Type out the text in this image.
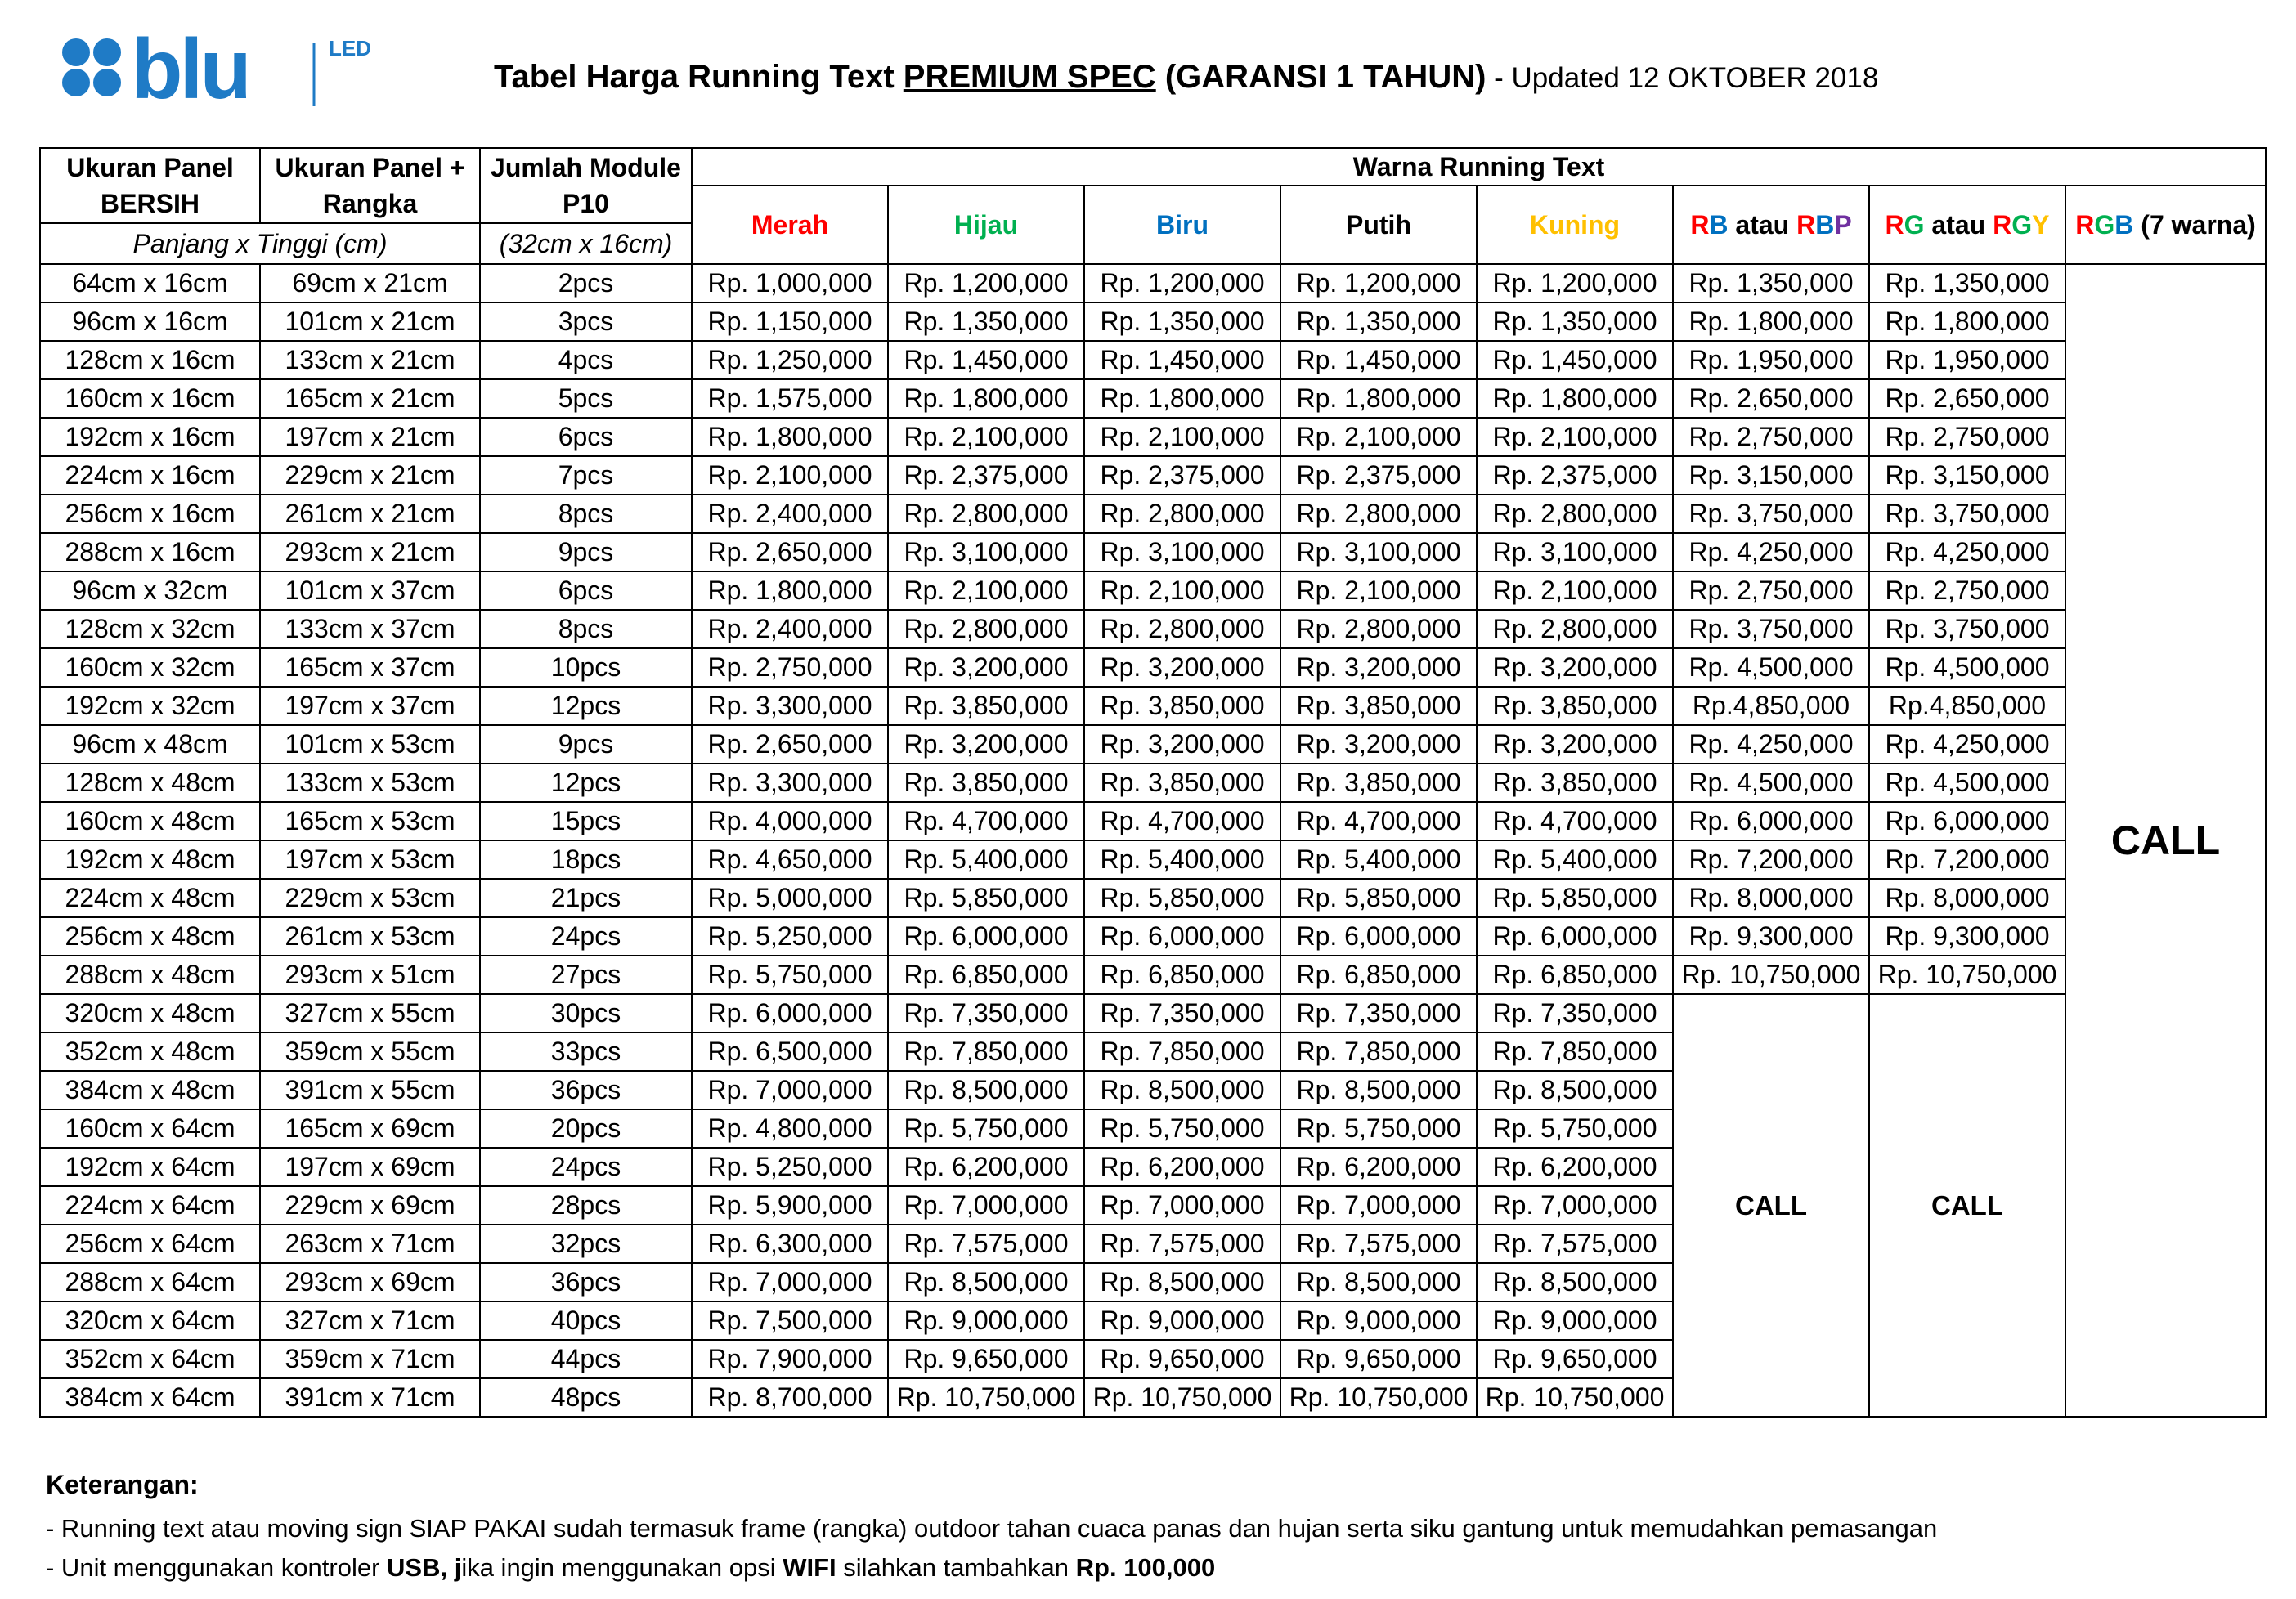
blu	LED
Tabel Harga Running Text PREMIUM SPEC (GARANSI 1 TAHUN) - Updated 12 OKTOBER 2018
Ukuran Panel BERSIH	Ukuran Panel + Rangka	Jumlah Module P10	Warna Running Text							
			Merah	Hijau	Biru	Putih	Kuning	RB atau RBP	RG atau RGY	RGB (7 warna)
Panjang x Tinggi (cm)		(32cm x 16cm)								
64cm x 16cm	69cm x 21cm	2pcs	Rp. 1,000,000	Rp. 1,200,000	Rp. 1,200,000	Rp. 1,200,000	Rp. 1,200,000	Rp. 1,350,000	Rp. 1,350,000	CALL
96cm x 16cm	101cm x 21cm	3pcs	Rp. 1,150,000	Rp. 1,350,000	Rp. 1,350,000	Rp. 1,350,000	Rp. 1,350,000	Rp. 1,800,000	Rp. 1,800,000	
128cm x 16cm	133cm x 21cm	4pcs	Rp. 1,250,000	Rp. 1,450,000	Rp. 1,450,000	Rp. 1,450,000	Rp. 1,450,000	Rp. 1,950,000	Rp. 1,950,000	
160cm x 16cm	165cm x 21cm	5pcs	Rp. 1,575,000	Rp. 1,800,000	Rp. 1,800,000	Rp. 1,800,000	Rp. 1,800,000	Rp. 2,650,000	Rp. 2,650,000	
192cm x 16cm	197cm x 21cm	6pcs	Rp. 1,800,000	Rp. 2,100,000	Rp. 2,100,000	Rp. 2,100,000	Rp. 2,100,000	Rp. 2,750,000	Rp. 2,750,000	
224cm x 16cm	229cm x 21cm	7pcs	Rp. 2,100,000	Rp. 2,375,000	Rp. 2,375,000	Rp. 2,375,000	Rp. 2,375,000	Rp. 3,150,000	Rp. 3,150,000	
256cm x 16cm	261cm x 21cm	8pcs	Rp. 2,400,000	Rp. 2,800,000	Rp. 2,800,000	Rp. 2,800,000	Rp. 2,800,000	Rp. 3,750,000	Rp. 3,750,000	
288cm x 16cm	293cm x 21cm	9pcs	Rp. 2,650,000	Rp. 3,100,000	Rp. 3,100,000	Rp. 3,100,000	Rp. 3,100,000	Rp. 4,250,000	Rp. 4,250,000	
96cm x 32cm	101cm x 37cm	6pcs	Rp. 1,800,000	Rp. 2,100,000	Rp. 2,100,000	Rp. 2,100,000	Rp. 2,100,000	Rp. 2,750,000	Rp. 2,750,000	
128cm x 32cm	133cm x 37cm	8pcs	Rp. 2,400,000	Rp. 2,800,000	Rp. 2,800,000	Rp. 2,800,000	Rp. 2,800,000	Rp. 3,750,000	Rp. 3,750,000	
160cm x 32cm	165cm x 37cm	10pcs	Rp. 2,750,000	Rp. 3,200,000	Rp. 3,200,000	Rp. 3,200,000	Rp. 3,200,000	Rp. 4,500,000	Rp. 4,500,000	
192cm x 32cm	197cm x 37cm	12pcs	Rp. 3,300,000	Rp. 3,850,000	Rp. 3,850,000	Rp. 3,850,000	Rp. 3,850,000	Rp.4,850,000	Rp.4,850,000	
96cm x 48cm	101cm x 53cm	9pcs	Rp. 2,650,000	Rp. 3,200,000	Rp. 3,200,000	Rp. 3,200,000	Rp. 3,200,000	Rp. 4,250,000	Rp. 4,250,000	
128cm x 48cm	133cm x 53cm	12pcs	Rp. 3,300,000	Rp. 3,850,000	Rp. 3,850,000	Rp. 3,850,000	Rp. 3,850,000	Rp. 4,500,000	Rp. 4,500,000	
160cm x 48cm	165cm x 53cm	15pcs	Rp. 4,000,000	Rp. 4,700,000	Rp. 4,700,000	Rp. 4,700,000	Rp. 4,700,000	Rp. 6,000,000	Rp. 6,000,000	
192cm x 48cm	197cm x 53cm	18pcs	Rp. 4,650,000	Rp. 5,400,000	Rp. 5,400,000	Rp. 5,400,000	Rp. 5,400,000	Rp. 7,200,000	Rp. 7,200,000	
224cm x 48cm	229cm x 53cm	21pcs	Rp. 5,000,000	Rp. 5,850,000	Rp. 5,850,000	Rp. 5,850,000	Rp. 5,850,000	Rp. 8,000,000	Rp. 8,000,000	
256cm x 48cm	261cm x 53cm	24pcs	Rp. 5,250,000	Rp. 6,000,000	Rp. 6,000,000	Rp. 6,000,000	Rp. 6,000,000	Rp. 9,300,000	Rp. 9,300,000	
288cm x 48cm	293cm x 51cm	27pcs	Rp. 5,750,000	Rp. 6,850,000	Rp. 6,850,000	Rp. 6,850,000	Rp. 6,850,000	Rp. 10,750,000	Rp. 10,750,000	
320cm x 48cm	327cm x 55cm	30pcs	Rp. 6,000,000	Rp. 7,350,000	Rp. 7,350,000	Rp. 7,350,000	Rp. 7,350,000	CALL	CALL	
352cm x 48cm	359cm x 55cm	33pcs	Rp. 6,500,000	Rp. 7,850,000	Rp. 7,850,000	Rp. 7,850,000	Rp. 7,850,000			
384cm x 48cm	391cm x 55cm	36pcs	Rp. 7,000,000	Rp. 8,500,000	Rp. 8,500,000	Rp. 8,500,000	Rp. 8,500,000			
160cm x 64cm	165cm x 69cm	20pcs	Rp. 4,800,000	Rp. 5,750,000	Rp. 5,750,000	Rp. 5,750,000	Rp. 5,750,000			
192cm x 64cm	197cm x 69cm	24pcs	Rp. 5,250,000	Rp. 6,200,000	Rp. 6,200,000	Rp. 6,200,000	Rp. 6,200,000			
224cm x 64cm	229cm x 69cm	28pcs	Rp. 5,900,000	Rp. 7,000,000	Rp. 7,000,000	Rp. 7,000,000	Rp. 7,000,000			
256cm x 64cm	263cm x 71cm	32pcs	Rp. 6,300,000	Rp. 7,575,000	Rp. 7,575,000	Rp. 7,575,000	Rp. 7,575,000			
288cm x 64cm	293cm x 69cm	36pcs	Rp. 7,000,000	Rp. 8,500,000	Rp. 8,500,000	Rp. 8,500,000	Rp. 8,500,000			
320cm x 64cm	327cm x 71cm	40pcs	Rp. 7,500,000	Rp. 9,000,000	Rp. 9,000,000	Rp. 9,000,000	Rp. 9,000,000			
352cm x 64cm	359cm x 71cm	44pcs	Rp. 7,900,000	Rp. 9,650,000	Rp. 9,650,000	Rp. 9,650,000	Rp. 9,650,000			
384cm x 64cm	391cm x 71cm	48pcs	Rp. 8,700,000	Rp. 10,750,000	Rp. 10,750,000	Rp. 10,750,000	Rp. 10,750,000			
Keterangan:
- Running text atau moving sign SIAP PAKAI sudah termasuk frame (rangka) outdoor tahan cuaca panas dan hujan serta siku gantung untuk memudahkan pemasangan
- Unit menggunakan kontroler USB, jika ingin menggunakan opsi WIFI silahkan tambahkan Rp. 100,000
